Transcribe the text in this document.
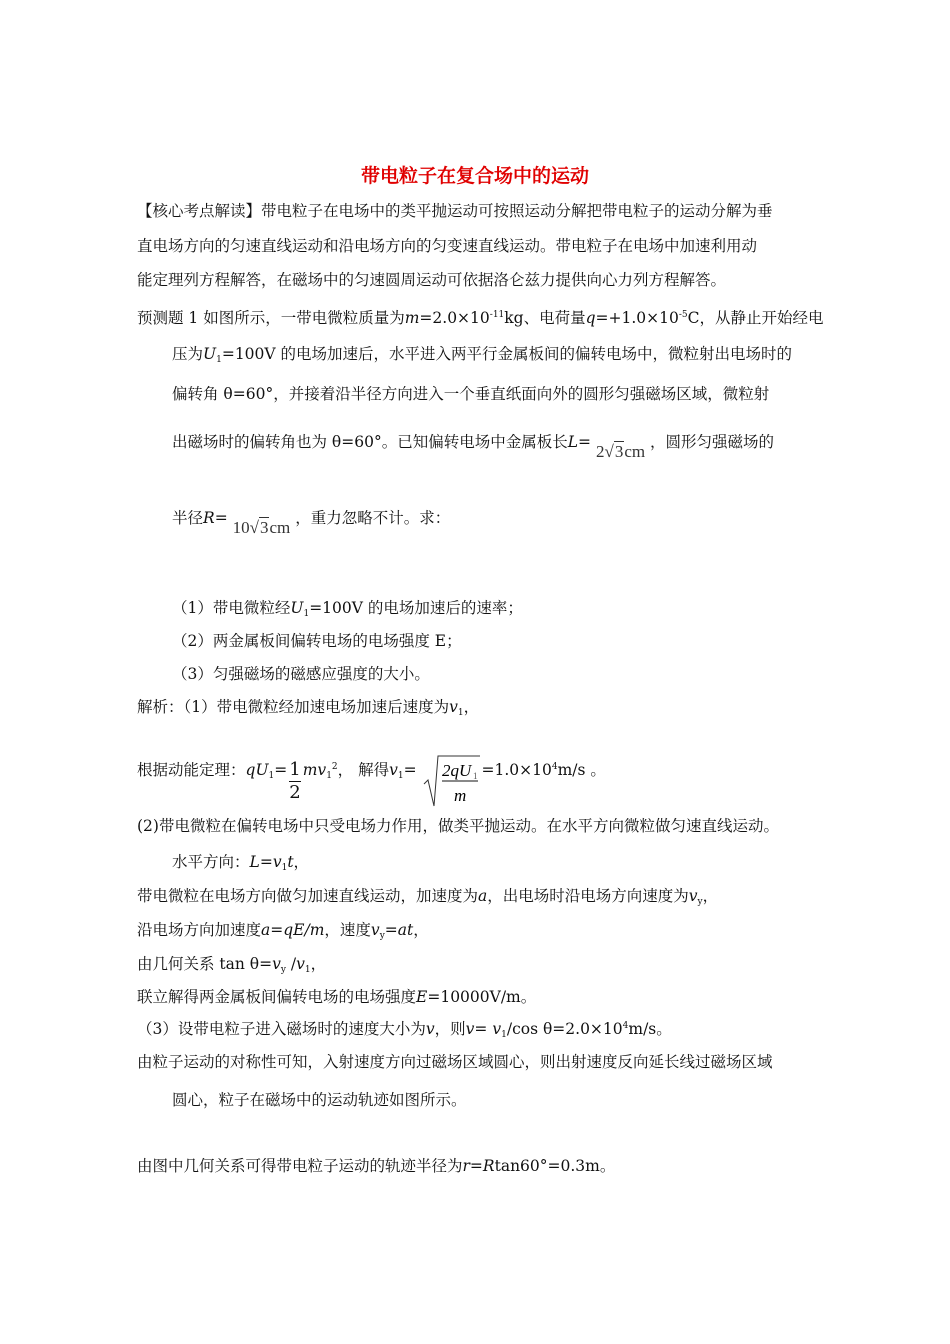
带电粒子在复合场中的运动
【核心考点解读】带电粒子在电场中的类平抛运动可按照运动分解把带电粒子的运动分解为垂
直电场方向的匀速直线运动和沿电场方向的匀变速直线运动。带电粒子在电场中加速利用动
能定理列方程解答，在磁场中的匀速圆周运动可依据洛仑兹力提供向心力列方程解答。
预测题 1 如图所示，一带电微粒质量为$m=2.0\times 10^{-11}kg$、电荷量$q=+1.0\times 10^{-5}C$，从静止开始经电
压为$U_1=100V$ 的电场加速后，水平进入两平行金属板间的偏转电场中，微粒射出电场时的
偏转角 θ=60°，并接着沿半径方向进入一个垂直纸面向外的圆形匀强磁场区域，微粒射
出磁场时的偏转角也为 θ=60°。已知偏转电场中金属板长L= 2√3cm ，圆形匀强磁场的
半径R= 10√3cm ，重力忽略不计。求：
（1）带电微粒经$U_1=100V$ 的电场加速后的速率；
（2）两金属板间偏转电场的电场强度 E；
（3）匀强磁场的磁感应强度的大小。
解析：（1）带电微粒经加速电场加速后速度为$v_1$，
根据动能定理：$qU_1= \frac{1}{2} mv_1^2$， 解得$v_1= 2qU$ 1
m
$=1.0\times 10^4m/s$ 。
(2)带电微粒在偏转电场中只受电场力作用，做类平抛运动。在水平方向微粒做匀速直线运动。
水平方向：$L=v_1t$，
带电微粒在电场方向做匀加速直线运动，加速度为a，出电场时沿电场方向速度为$v_y$，
沿电场方向加速度a=qE/m，速度$v_y=at$，
由几何关系 $\tan \theta=v_y$ $/v_1$，
联立解得两金属板间偏转电场的电场强度E=10000V/m。
（3）设带电粒子进入磁场时的速度大小为v，则$v= v_1/\cos$ $\theta=2.0\times 10^4m/s$。
由粒子运动的对称性可知，入射速度方向过磁场区域圆心，则出射速度反向延长线过磁场区域
圆心，粒子在磁场中的运动轨迹如图所示。
由图中几何关系可得带电粒子运动的轨迹半径为r=Rtan60°=0.3m。
